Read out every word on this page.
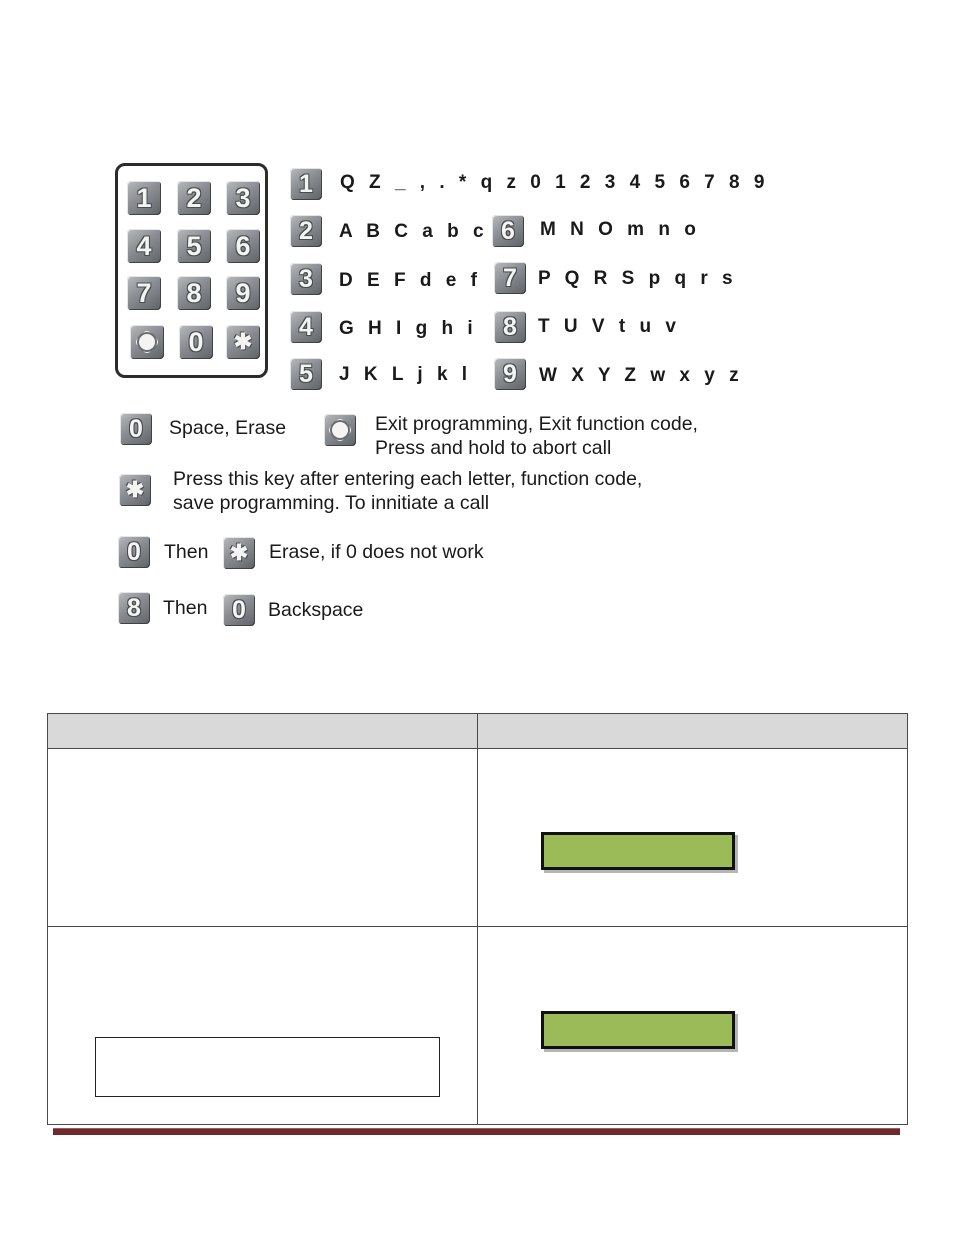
1	2	3
4	5	6
7	8	9
0	✱
1	Q Z _ , . * q z 0 1 2 3 4 5 6 7 8 9
2	A B C a b c
3	D E F d e f
4	G H I g h i
5	J K L j k l
6	M N O m n o
7	P Q R S p q r s
8	T U V t u v
9	W X Y Z w x y z
0	Space, Erase	Exit programming, Exit function code,
Press and hold to abort call
✱ Press this key after entering each letter, function code,
save programming. To innitiate a call
0	Then ✱ Erase, if 0 does not work
8	Then 0	Backspace
